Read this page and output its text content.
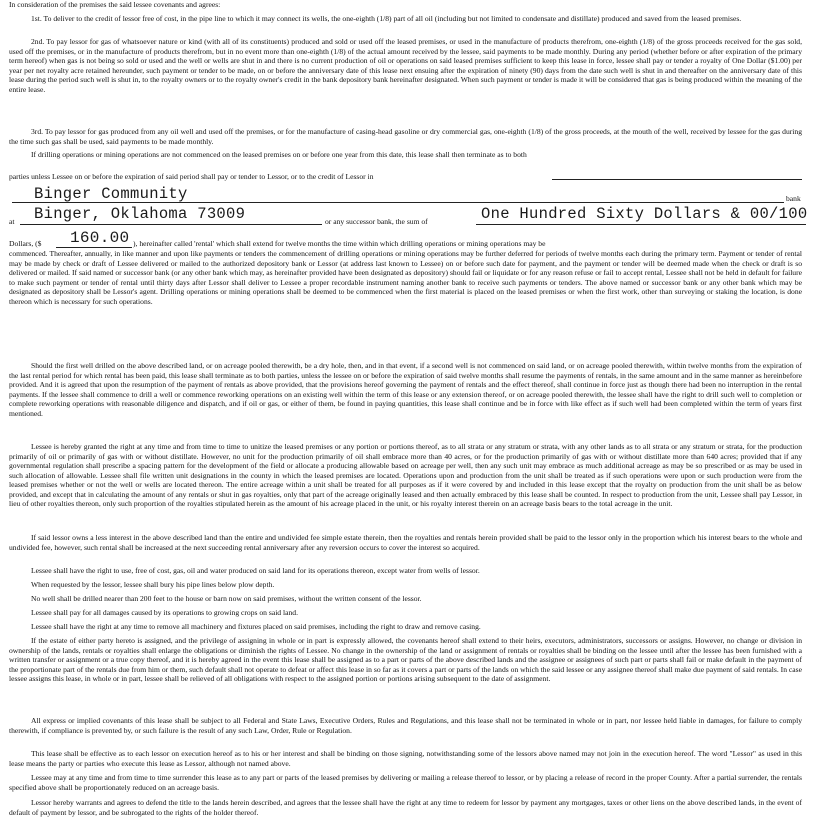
In consideration of the premises the said lessee covenants and agrees:
1st. To deliver to the credit of lessor free of cost, in the pipe line to which it may connect its wells, the one-eighth (1/8) part of all oil (including but not limited to condensate and distillate) produced and saved from the leased premises.
2nd. To pay lessor for gas of whatsoever nature or kind (with all of its constituents) produced and sold or used off the leased premises, or used in the manufacture of products therefrom, one-eighth (1/8) of the gross proceeds received for the gas sold, used off the premises, or in the manufacture of products therefrom, but in no event more than one-eighth (1/8) of the actual amount received by the lessee, said payments to be made monthly. During any period (whether before or after expiration of the primary term hereof) when gas is not being so sold or used and the well or wells are shut in and there is no current production of oil or operations on said leased premises sufficient to keep this lease in force, lessee shall pay or tender a royalty of One Dollar ($1.00) per year per net royalty acre retained hereunder, such payment or tender to be made, on or before the anniversary date of this lease next ensuing after the expiration of ninety (90) days from the date such well is shut in and thereafter on the anniversary date of this lease during the period such well is shut in, to the royalty owners or to the royalty owner's credit in the bank depository bank hereinafter designated. When such payment or tender is made it will be considered that gas is being produced within the meaning of the entire lease.
3rd. To pay lessor for gas produced from any oil well and used off the premises, or for the manufacture of casing-head gasoline or dry commercial gas, one-eighth (1/8) of the gross proceeds, at the mouth of the well, received by lessee for the gas during the time such gas shall be used, said payments to be made monthly.
If drilling operations or mining operations are not commenced on the leased premises on or before one year from this date, this lease shall then terminate as to both
parties unless Lessee on or before the expiration of said period shall pay or tender to Lessor, or to the credit of Lessor in
Binger Community	bank
at Binger, Oklahoma 73009	or any successor bank, the sum of	One Hundred Sixty Dollars & 00/100
Dollars, ($ 160.00 ), hereinafter called 'rental' which shall extend for twelve months the time within which drilling operations or mining operations may be
commenced. Thereafter, annually, in like manner and upon like payments or tenders the commencement of drilling operations or mining operations may be further deferred for periods of twelve months each during the primary term. Payment or tender of rental may be made by check or draft of Lessee delivered or mailed to the authorized depository bank or Lessor (at address last known to Lessee) on or before such date for payment, and the payment or tender will be deemed made when the check or draft is so delivered or mailed. If said named or successor bank (or any other bank which may, as hereinafter provided have been designated as depository) should fail or liquidate or for any reason refuse or fail to accept rental, Lessee shall not be held in default for failure to make such payment or tender of rental until thirty days after Lessor shall deliver to Lessee a proper recordable instrument naming another bank to receive such payments or tenders. The above named or successor bank or any other bank which may be designated as depository shall be Lessor's agent. Drilling operations or mining operations shall be deemed to be commenced when the first material is placed on the leased premises or when the first work, other than surveying or staking the location, is done thereon which is necessary for such operations.
Should the first well drilled on the above described land, or on acreage pooled therewith, be a dry hole, then, and in that event, if a second well is not commenced on said land, or on acreage pooled therewith, within twelve months from the expiration of the last rental period for which rental has been paid, this lease shall terminate as to both parties, unless the lessee on or before the expiration of said twelve months shall resume the payments of rentals, in the same amount and in the same manner as hereinbefore provided. And it is agreed that upon the resumption of the payment of rentals as above provided, that the provisions hereof governing the payment of rentals and the effect thereof, shall continue in force just as though there had been no interruption in the rental payments. If the lessee shall commence to drill a well or commence reworking operations on an existing well within the term of this lease or any extension thereof, or on acreage pooled therewith, the lessee shall have the right to drill such well to completion or complete reworking operations with reasonable diligence and dispatch, and if oil or gas, or either of them, be found in paying quantities, this lease shall continue and be in force with like effect as if such well had been completed within the term of years first mentioned.
Lessee is hereby granted the right at any time and from time to time to unitize the leased premises or any portion or portions thereof, as to all strata or any stratum or strata, with any other lands as to all strata or any stratum or strata, for the production primarily of oil or primarily of gas with or without distillate. However, no unit for the production primarily of oil shall embrace more than 40 acres, or for the production primarily of gas with or without distillate more than 640 acres; provided that if any governmental regulation shall prescribe a spacing pattern for the development of the field or allocate a producing allowable based on acreage per well, then any such unit may embrace as much additional acreage as may be so prescribed or as may be used in such allocation of allowable. Lessee shall file written unit designations in the county in which the leased premises are located. Operations upon and production from the unit shall be treated as if such operations were upon or such production were from the leased premises whether or not the well or wells are located thereon. The entire acreage within a unit shall be treated for all purposes as if it were covered by and included in this lease except that the royalty on production from the unit shall be as below provided, and except that in calculating the amount of any rentals or shut in gas royalties, only that part of the acreage originally leased and then actually embraced by this lease shall be counted. In respect to production from the unit, Lessee shall pay Lessor, in lieu of other royalties thereon, only such proportion of the royalties stipulated herein as the amount of his acreage placed in the unit, or his royalty interest therein on an acreage basis bears to the total acreage in the unit.
If said lessor owns a less interest in the above described land than the entire and undivided fee simple estate therein, then the royalties and rentals herein provided shall be paid to the lessor only in the proportion which his interest bears to the whole and undivided fee, however, such rental shall be increased at the next succeeding rental anniversary after any reversion occurs to cover the interest so acquired.
Lessee shall have the right to use, free of cost, gas, oil and water produced on said land for its operations thereon, except water from wells of lessor.
When requested by the lessor, lessee shall bury his pipe lines below plow depth.
No well shall be drilled nearer than 200 feet to the house or barn now on said premises, without the written consent of the lessor.
Lessee shall pay for all damages caused by its operations to growing crops on said land.
Lessee shall have the right at any time to remove all machinery and fixtures placed on said premises, including the right to draw and remove casing.
If the estate of either party hereto is assigned, and the privilege of assigning in whole or in part is expressly allowed, the covenants hereof shall extend to their heirs, executors, administrators, successors or assigns. However, no change or division in ownership of the lands, rentals or royalties shall enlarge the obligations or diminish the rights of Lessee. No change in the ownership of the land or assignment of rentals or royalties shall be binding on the lessee until after the lessee has been furnished with a written transfer or assignment or a true copy thereof, and it is hereby agreed in the event this lease shall be assigned as to a part or parts of the above described lands and the assignee or assignees of such part or parts shall fail or make default in the payment of the proportionate part of the rentals due from him or them, such default shall not operate to defeat or affect this lease in so far as it covers a part or parts of the lands on which the said lessee or any assignee thereof shall make due payment of said rentals. In case lessee assigns this lease, in whole or in part, lessee shall be relieved of all obligations with respect to the assigned portion or portions arising subsequent to the date of assignment.
All express or implied covenants of this lease shall be subject to all Federal and State Laws, Executive Orders, Rules and Regulations, and this lease shall not be terminated in whole or in part, nor lessee held liable in damages, for failure to comply therewith, if compliance is prevented by, or such failure is the result of any such Law, Order, Rule or Regulation.
This lease shall be effective as to each lessor on execution hereof as to his or her interest and shall be binding on those signing, notwithstanding some of the lessors above named may not join in the execution hereof. The word "Lessor" as used in this lease means the party or parties who execute this lease as Lessor, although not named above.
Lessee may at any time and from time to time surrender this lease as to any part or parts of the leased premises by delivering or mailing a release thereof to lessor, or by placing a release of record in the proper County. After a partial surrender, the rentals specified above shall be proportionately reduced on an acreage basis.
Lessor hereby warrants and agrees to defend the title to the lands herein described, and agrees that the lessee shall have the right at any time to redeem for lessor by payment any mortgages, taxes or other liens on the above described lands, in the event of default of payment by lessor, and be subrogated to the rights of the holder thereof.
